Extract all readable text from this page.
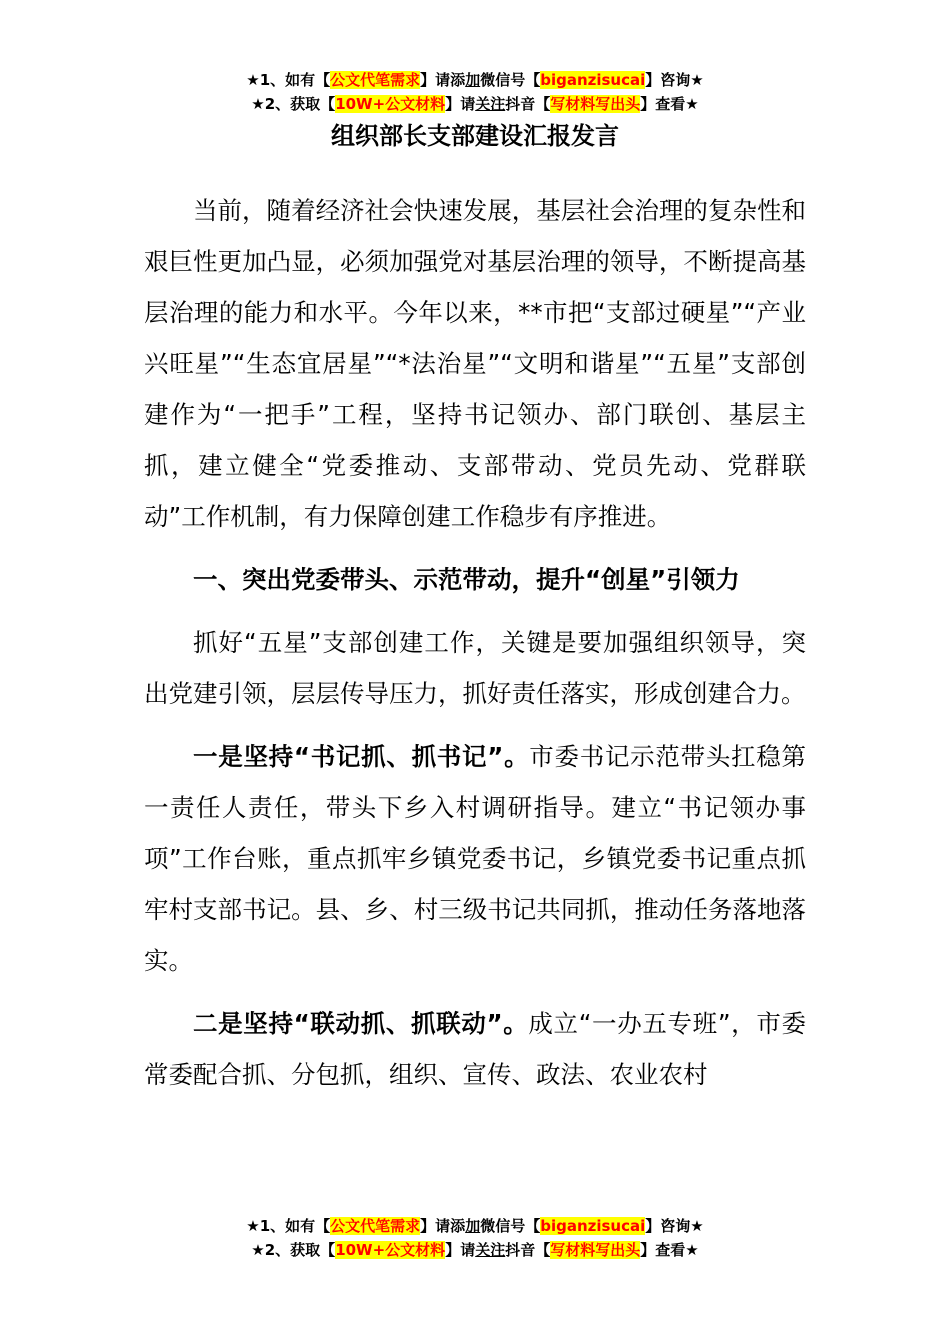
★1、如有【公文代笔需求】请添加微信号【biganzisucai】咨询★
★2、获取【10W+公文材料】请关注抖音【写材料写出头】查看★
组织部长支部建设汇报发言

当前，随着经济社会快速发展，基层社会治理的复杂性和艰巨性更加凸显，必须加强党对基层治理的领导，不断提高基层治理的能力和水平。今年以来，**市把“支部过硬星”“产业兴旺星”“生态宜居星”“*法治星”“文明和谐星”“五星”支部创建作为“一把手”工程，坚持书记领办、部门联创、基层主抓，建立健全“党委推动、支部带动、党员先动、党群联动”工作机制，有力保障创建工作稳步有序推进。

一、突出党委带头、示范带动，提升“创星”引领力

抓好“五星”支部创建工作，关键是要加强组织领导，突出党建引领，层层传导压力，抓好责任落实，形成创建合力。

一是坚持“书记抓、抓书记”。市委书记示范带头扛稳第一责任人责任，带头下乡入村调研指导。建立“书记领办事项”工作台账，重点抓牢乡镇党委书记，乡镇党委书记重点抓牢村支部书记。县、乡、村三级书记共同抓，推动任务落地落实。

二是坚持“联动抓、抓联动”。成立“一办五专班”，市委常委配合抓、分包抓，组织、宣传、政法、农业农村

★1、如有【公文代笔需求】请添加微信号【biganzisucai】咨询★
★2、获取【10W+公文材料】请关注抖音【写材料写出头】查看★
